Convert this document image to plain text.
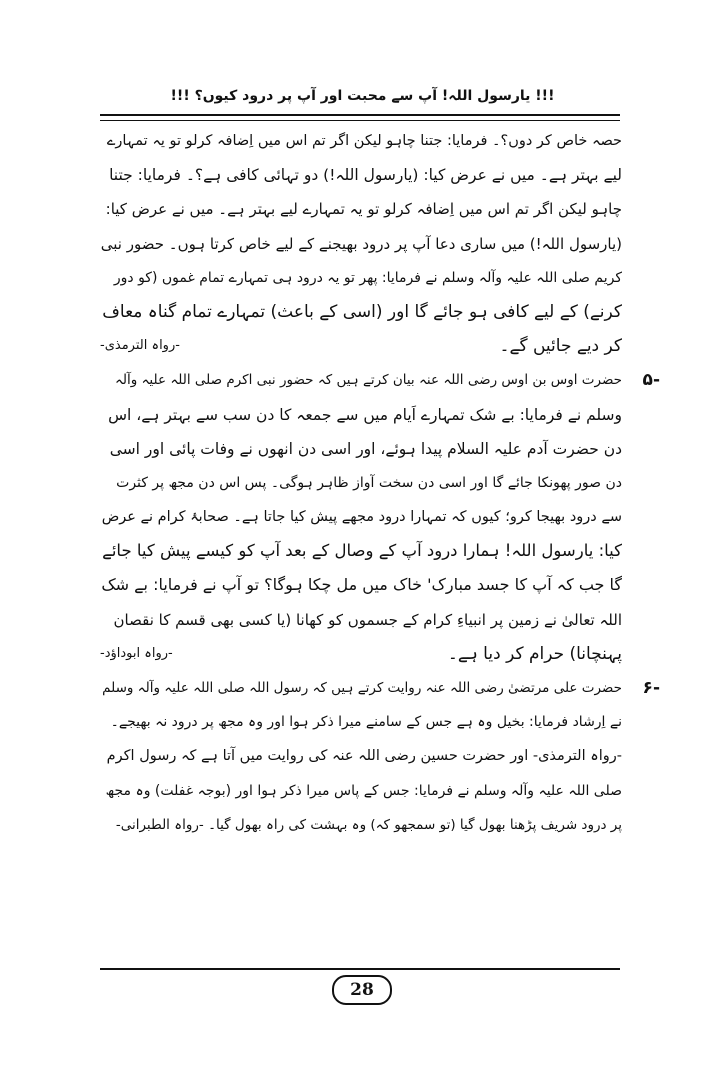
!!! یارسول اللہ! آپ سے محبت اور آپ پر درود کیوں؟ !!!
حصہ خاص کر دوں؟۔ فرمایا: جتنا چاہو لیکن اگر تم اس میں اِضافہ کرلو تو یہ تمہارے
لیے بہتر ہے۔ میں نے عرض کیا: (یارسول اللہ!) دو تہائی کافی ہے؟۔ فرمایا: جتنا
چاہو لیکن اگر تم اس میں اِضافہ کرلو تو یہ تمہارے لیے بہتر ہے۔ میں نے عرض کیا:
(یارسول اللہ!) میں ساری دعا آپ پر درود بھیجنے کے لیے خاص کرتا ہوں۔ حضور نبی
کریم صلی اللہ علیہ وآلہ وسلم نے فرمایا: پھر تو یہ درود ہی تمہارے تمام غموں (کو دور
کرنے) کے لیے کافی ہو جائے گا اور (اسی کے باعث) تمہارے تمام گناہ معاف
کر دیے جائیں گے۔
-رواہ الترمذی-
-۵
حضرت اوس بن اوس رضی اللہ عنہ بیان کرتے ہیں کہ حضور نبی اکرم صلی اللہ علیہ وآلہ
وسلم نے فرمایا: بے شک تمہارے اَیام میں سے جمعہ کا دن سب سے بہتر ہے، اس
دن حضرت آدم علیہ السلام پیدا ہوئے، اور اسی دن انھوں نے وفات پائی اور اسی
دن صور پھونکا جائے گا اور اسی دن سخت آواز ظاہر ہوگی۔ پس اس دن مجھ پر کثرت
سے درود بھیجا کرو؛ کیوں کہ تمہارا درود مجھے پیش کیا جاتا ہے۔ صحابۂ کرام نے عرض
کیا: یارسول اللہ! ہمارا درود آپ کے وصال کے بعد آپ کو کیسے پیش کیا جائے
گا جب کہ آپ کا جسد مبارک' خاک میں مل چکا ہوگا؟ تو آپ نے فرمایا: بے شک
اللہ تعالیٰ نے زمین پر انبیاءِ کرام کے جسموں کو کھانا (یا کسی بھی قسم کا نقصان
پہنچانا) حرام کر دیا ہے۔
-رواہ ابوداؤد-
-۶
حضرت علی مرتضیٰ رضی اللہ عنہ روایت کرتے ہیں کہ رسول اللہ صلی اللہ علیہ وآلہ وسلم
نے اِرشاد فرمایا: بخیل وہ ہے جس کے سامنے میرا ذکر ہوا اور وہ مجھ پر درود نہ بھیجے۔
-رواہ الترمذی- اور حضرت حسین رضی اللہ عنہ کی روایت میں آتا ہے کہ رسول اکرم
صلی اللہ علیہ وآلہ وسلم نے فرمایا: جس کے پاس میرا ذکر ہوا اور (بوجہ غفلت) وہ مجھ
پر درود شریف پڑھنا بھول گیا (تو سمجھو کہ) وہ بہشت کی راہ بھول گیا۔ -رواہ الطبرانی-
28
